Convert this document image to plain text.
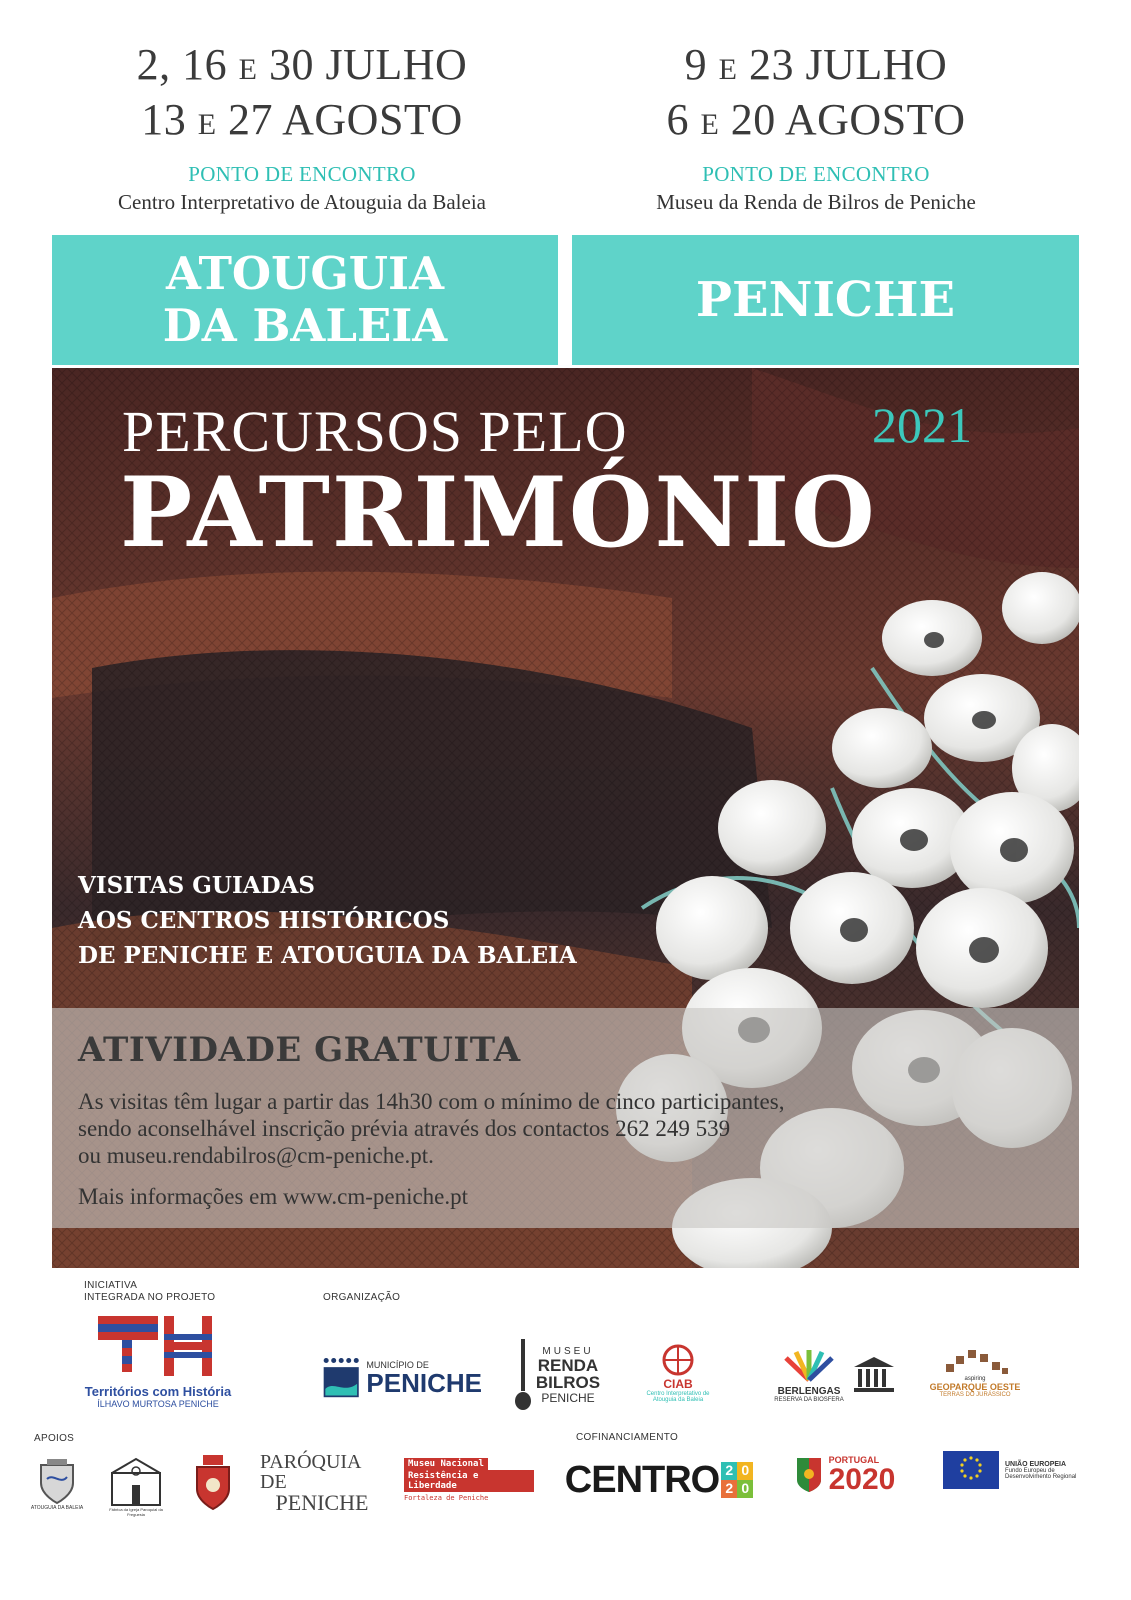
2, 16 E 30 JULHO
13 E 27 AGOSTO
PONTO DE ENCONTRO
Centro Interpretativo de Atouguia da Baleia
9 E 23 JULHO
6 E 20 AGOSTO
PONTO DE ENCONTRO
Museu da Renda de Bilros de Peniche
ATOUGUIA
DA BALEIA	PENICHE
PERCURSOS PELO	2021
PATRIMÓNIO
VISITAS GUIADAS
AOS CENTROS HISTÓRICOS
DE PENICHE E ATOUGUIA DA BALEIA
ATIVIDADE GRATUITA
As visitas têm lugar a partir das 14h30 com o mínimo de cinco participantes,
sendo aconselhável inscrição prévia através dos contactos 262 249 539
ou museu.rendabilros@cm-peniche.pt.
Mais informações em www.cm-peniche.pt
INICIATIVA
INTEGRADA NO PROJETO
Territórios com História
ÍLHAVO MURTOSA PENICHE
ORGANIZAÇÃO
MUNICÍPIO DE
PENICHE
MUSEU
RENDA
BILROS
PENICHE
CIAB
Centro Interpretativo de Atouguia da Baleia
BERLENGAS
RESERVA DA BIOSFERA
aspiring
GEOPARQUE OESTE
TERRAS DO JURÁSSICO
APOIOS
ATOUGUIA DA BALEIA	Fábrica da Igreja Paroquial da Freguesia
PARÓQUIA DE
PENICHE
Museu Nacional
Resistência e Liberdade
Fortaleza de Peniche
COFINANCIAMENTO
CENTRO 2 0
2 0
PORTUGAL
2020	UNIÃO EUROPEIA
Fundo Europeu de Desenvolvimento Regional
